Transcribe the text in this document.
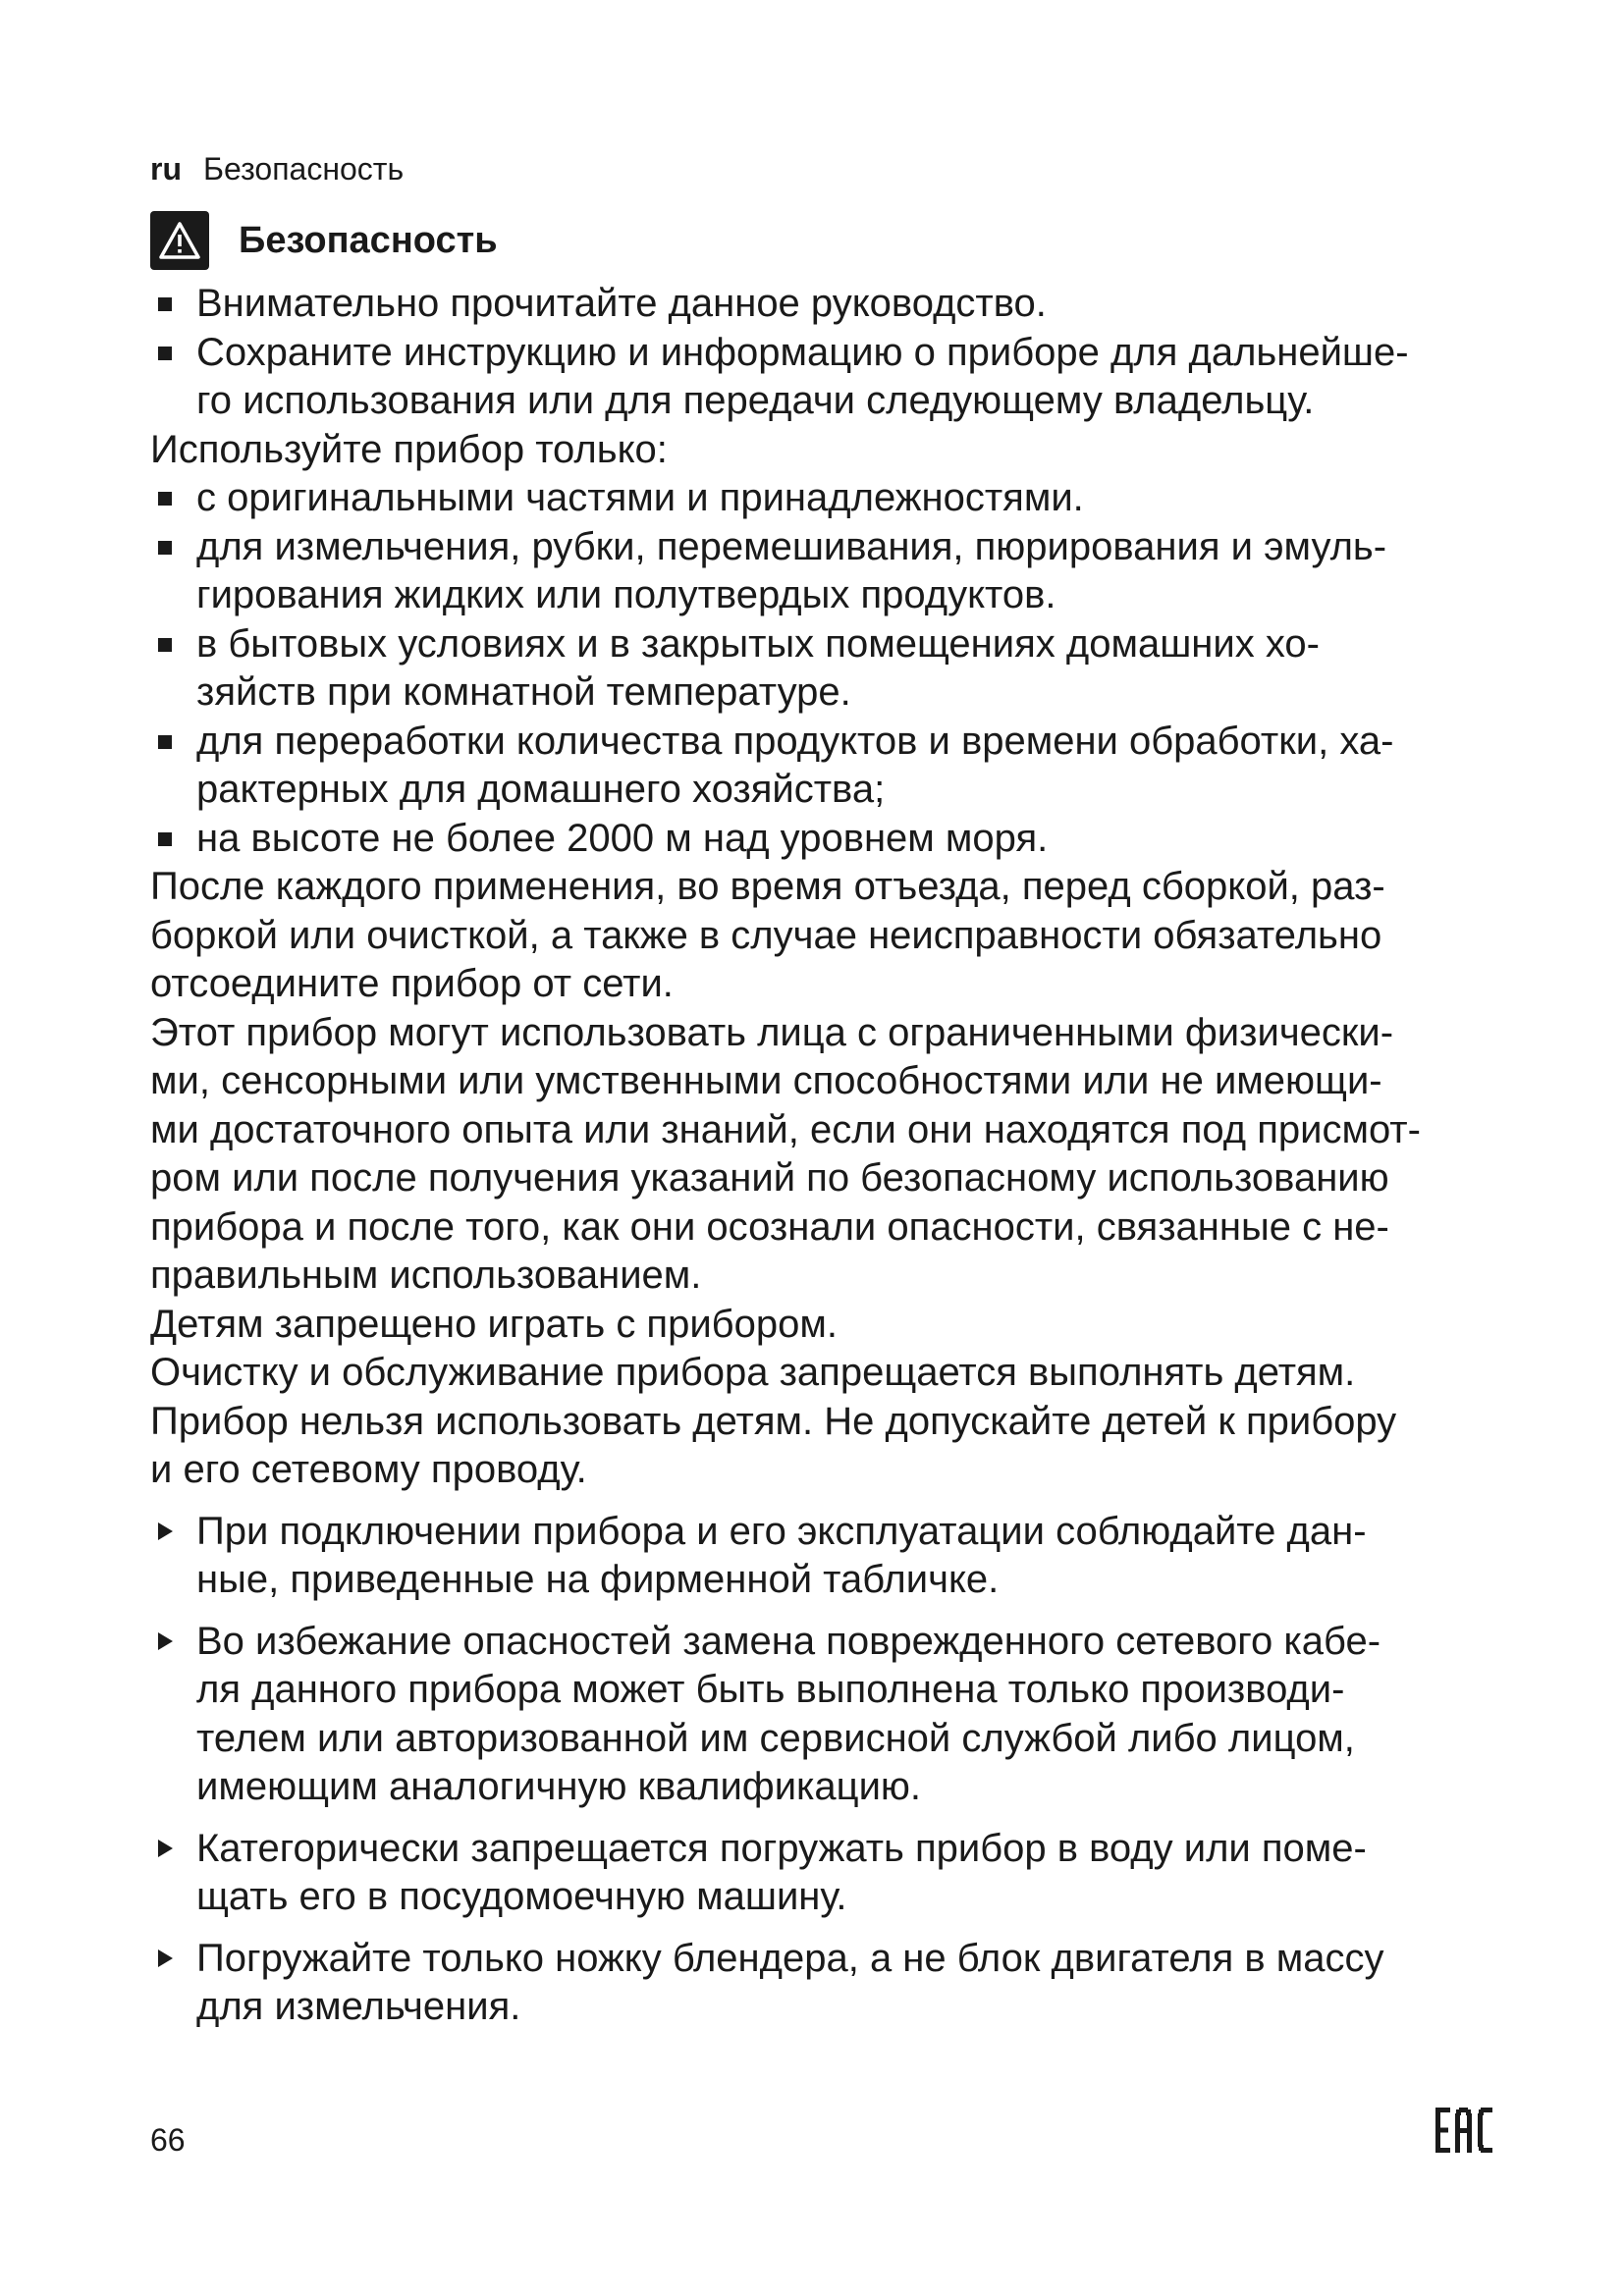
ru Безопасность
Безопасность
Внимательно прочитайте данное руководство.
Сохраните инструкцию и информацию о приборе для дальнейше-
го использования или для передачи следующему владельцу.

Используйте прибор только:

с оригинальными частями и принадлежностями.
для измельчения, рубки, перемешивания, пюрирования и эмуль-
гирования жидких или полутвердых продуктов.
в бытовых условиях и в закрытых помещениях домашних хо-
зяйств при комнатной температуре.
для переработки количества продуктов и времени обработки, ха-
рактерных для домашнего хозяйства;
на высоте не более 2000 м над уровнем моря.

После каждого применения, во время отъезда, перед сборкой, раз-
боркой или очисткой, а также в случае неисправности обязательно
отсоедините прибор от сети.

Этот прибор могут использовать лица с ограниченными физически-
ми, сенсорными или умственными способностями или не имеющи-
ми достаточного опыта или знаний, если они находятся под присмот-
ром или после получения указаний по безопасному использованию
прибора и после того, как они осознали опасности, связанные с не-
правильным использованием.

Детям запрещено играть с прибором.

Очистку и обслуживание прибора запрещается выполнять детям.
Прибор нельзя использовать детям. Не допускайте детей к прибору
и его сетевому проводу.

При подключении прибора и его эксплуатации соблюдайте дан-
ные, приведенные на фирменной табличке.
Во избежание опасностей замена поврежденного сетевого кабе-
ля данного прибора может быть выполнена только производи-
телем или авторизованной им сервисной службой либо лицом,
имеющим аналогичную квалификацию.
Категорически запрещается погружать прибор в воду или поме-
щать его в посудомоечную машину.
Погружайте только ножку блендера, а не блок двигателя в массу
для измельчения.
66
